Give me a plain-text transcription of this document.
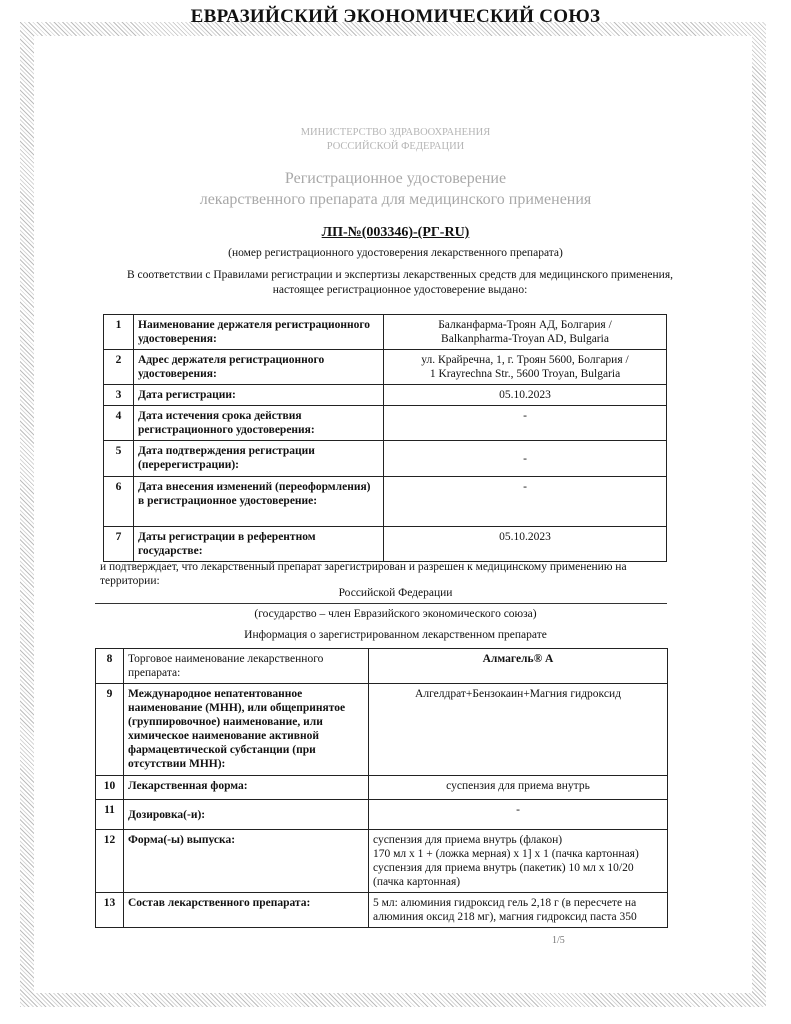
ЕВРАЗИЙСКИЙ ЭКОНОМИЧЕСКИЙ СОЮЗ
МИНИСТЕРСТВО ЗДРАВООХРАНЕНИЯ
РОССИЙСКОЙ ФЕДЕРАЦИИ
Регистрационное удостоверение
лекарственного препарата для медицинского применения
ЛП-№(003346)-(РГ-RU)
(номер регистрационного удостоверения лекарственного препарата)
В соответствии с Правилами регистрации и экспертизы лекарственных средств для медицинского применения, настоящее регистрационное удостоверение выдано:
1	Наименование держателя регистрационного удостоверения:	Балканфарма-Троян АД, Болгария /
Balkanpharma-Troyan AD, Bulgaria

2	Адрес держателя регистрационного удостоверения:	ул. Крайречна, 1, г. Троян 5600, Болгария /
1 Krayrechna Str., 5600 Troyan, Bulgaria

3	Дата регистрации:	05.10.2023
4	Дата истечения срока действия регистрационного удостоверения:	-
5	Дата подтверждения регистрации (перерегистрации):	-
6	Дата внесения изменений (переоформления) в регистрационное удостоверение:	-
7	Даты регистрации в референтном государстве:	05.10.2023
и подтверждает, что лекарственный препарат зарегистрирован и разрешен к медицинскому применению на территории:
Российской Федерации
(государство – член Евразийского экономического союза)
Информация о зарегистрированном лекарственном препарате
8	Торговое наименование лекарственного препарата:	Алмагель® А
9	Международное непатентованное наименование (МНН), или общепринятое (группировочное) наименование, или химическое наименование активной фармацевтической субстанции (при отсутствии МНН):	Алгелдрат+Бензокаин+Магния гидроксид
10	Лекарственная форма:	суспензия для приема внутрь
11	Дозировка(-и):	-
12	Форма(-ы) выпуска:	суспензия для приема внутрь (флакон)
170 мл х 1 + (ложка мерная) х 1] х 1 (пачка картонная)
суспензия для приема внутрь (пакетик) 10 мл х 10/20
(пачка картонная)

13	Состав лекарственного препарата:	5 мл: алюминия гидроксид гель 2,18 г (в пересчете на
алюминия оксид 218 мг), магния гидроксид паста 350
1/5
